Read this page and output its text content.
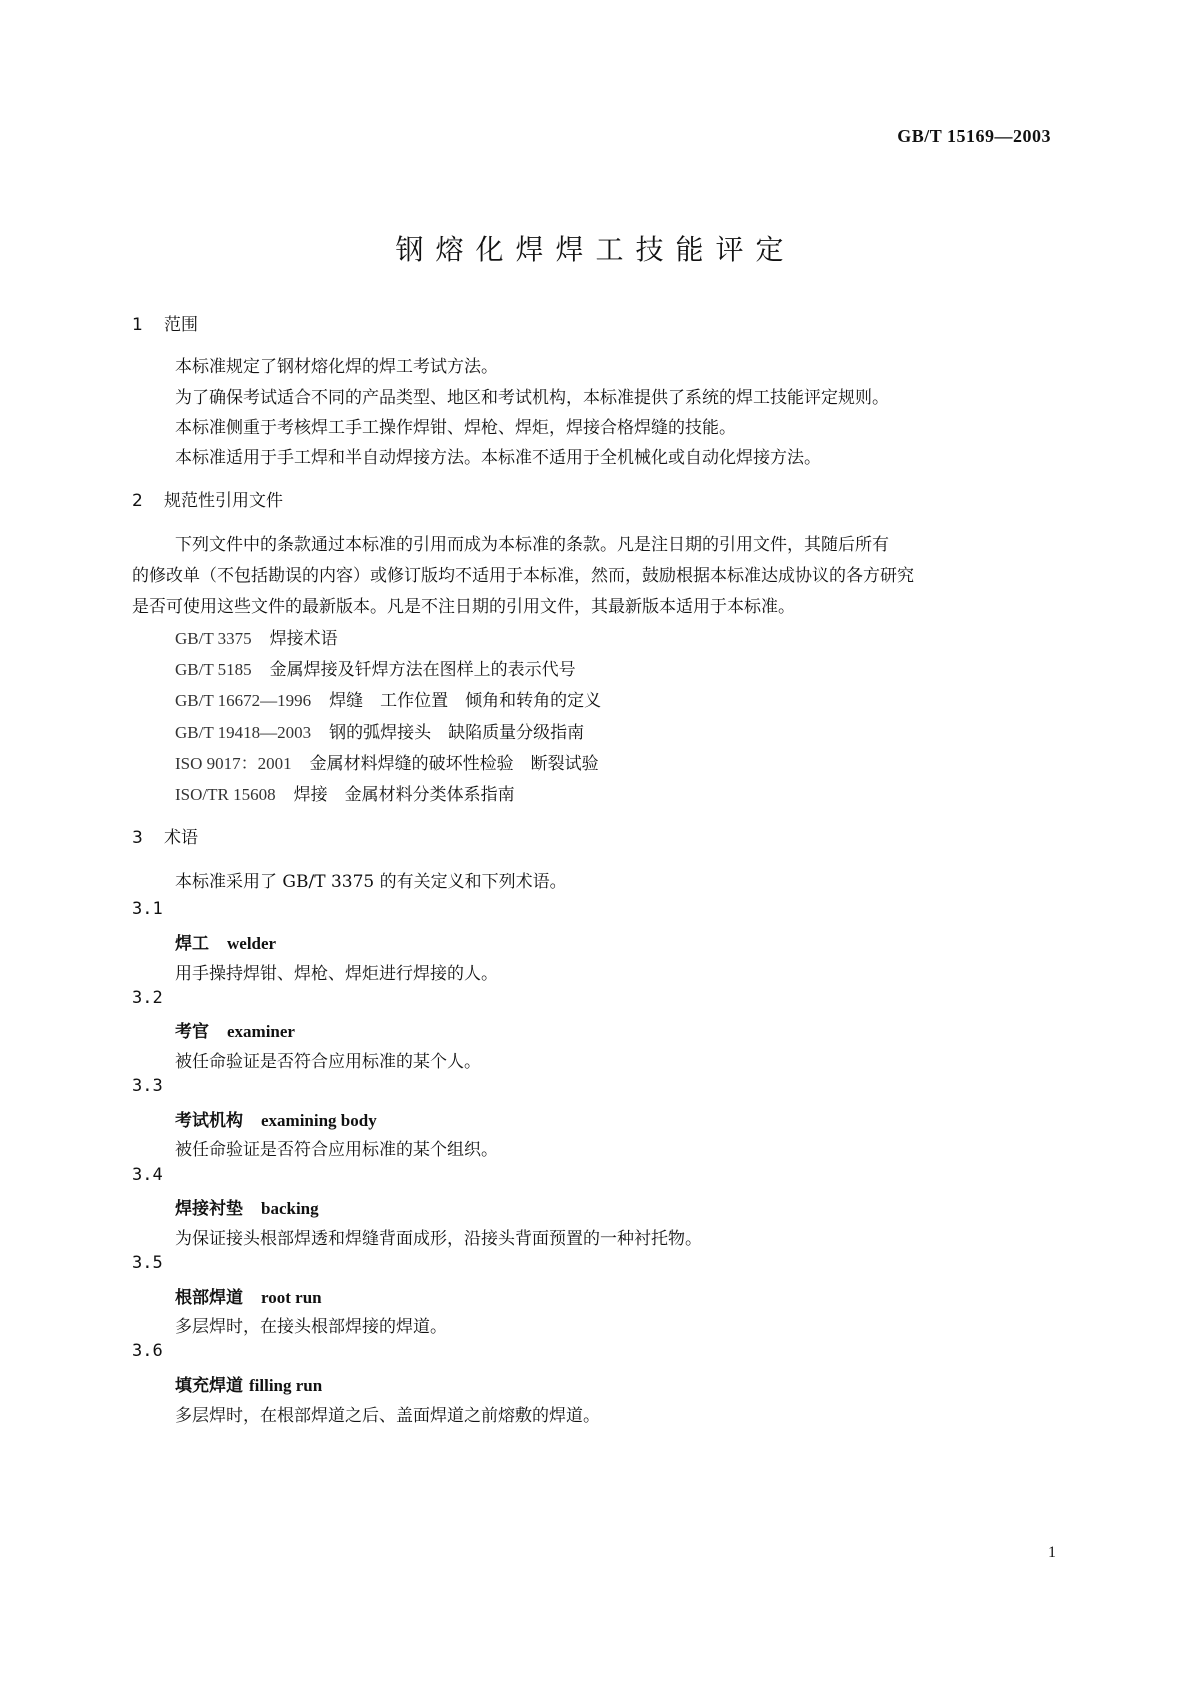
GB/T 15169—2003
钢熔化焊焊工技能评定
1 范围
本标准规定了钢材熔化焊的焊工考试方法。
为了确保考试适合不同的产品类型、地区和考试机构，本标准提供了系统的焊工技能评定规则。
本标准侧重于考核焊工手工操作焊钳、焊枪、焊炬，焊接合格焊缝的技能。
本标准适用于手工焊和半自动焊接方法。本标准不适用于全机械化或自动化焊接方法。
2 规范性引用文件
下列文件中的条款通过本标准的引用而成为本标准的条款。凡是注日期的引用文件，其随后所有
的修改单（不包括勘误的内容）或修订版均不适用于本标准，然而，鼓励根据本标准达成协议的各方研究
是否可使用这些文件的最新版本。凡是不注日期的引用文件，其最新版本适用于本标准。
GB/T 3375 焊接术语
GB/T 5185 金属焊接及钎焊方法在图样上的表示代号
GB/T 16672—1996 焊缝　工作位置　倾角和转角的定义
GB/T 19418—2003 钢的弧焊接头　缺陷质量分级指南
ISO 9017：2001 金属材料焊缝的破坏性检验　断裂试验
ISO/TR 15608 焊接　金属材料分类体系指南
3 术语
本标准采用了 GB/T 3375 的有关定义和下列术语。
3.1
焊工 welder
用手操持焊钳、焊枪、焊炬进行焊接的人。
3.2
考官 examiner
被任命验证是否符合应用标准的某个人。
3.3
考试机构 examining body
被任命验证是否符合应用标准的某个组织。
3.4
焊接衬垫 backing
为保证接头根部焊透和焊缝背面成形，沿接头背面预置的一种衬托物。
3.5
根部焊道 root run
多层焊时，在接头根部焊接的焊道。
3.6
填充焊道 filling run
多层焊时，在根部焊道之后、盖面焊道之前熔敷的焊道。
1
